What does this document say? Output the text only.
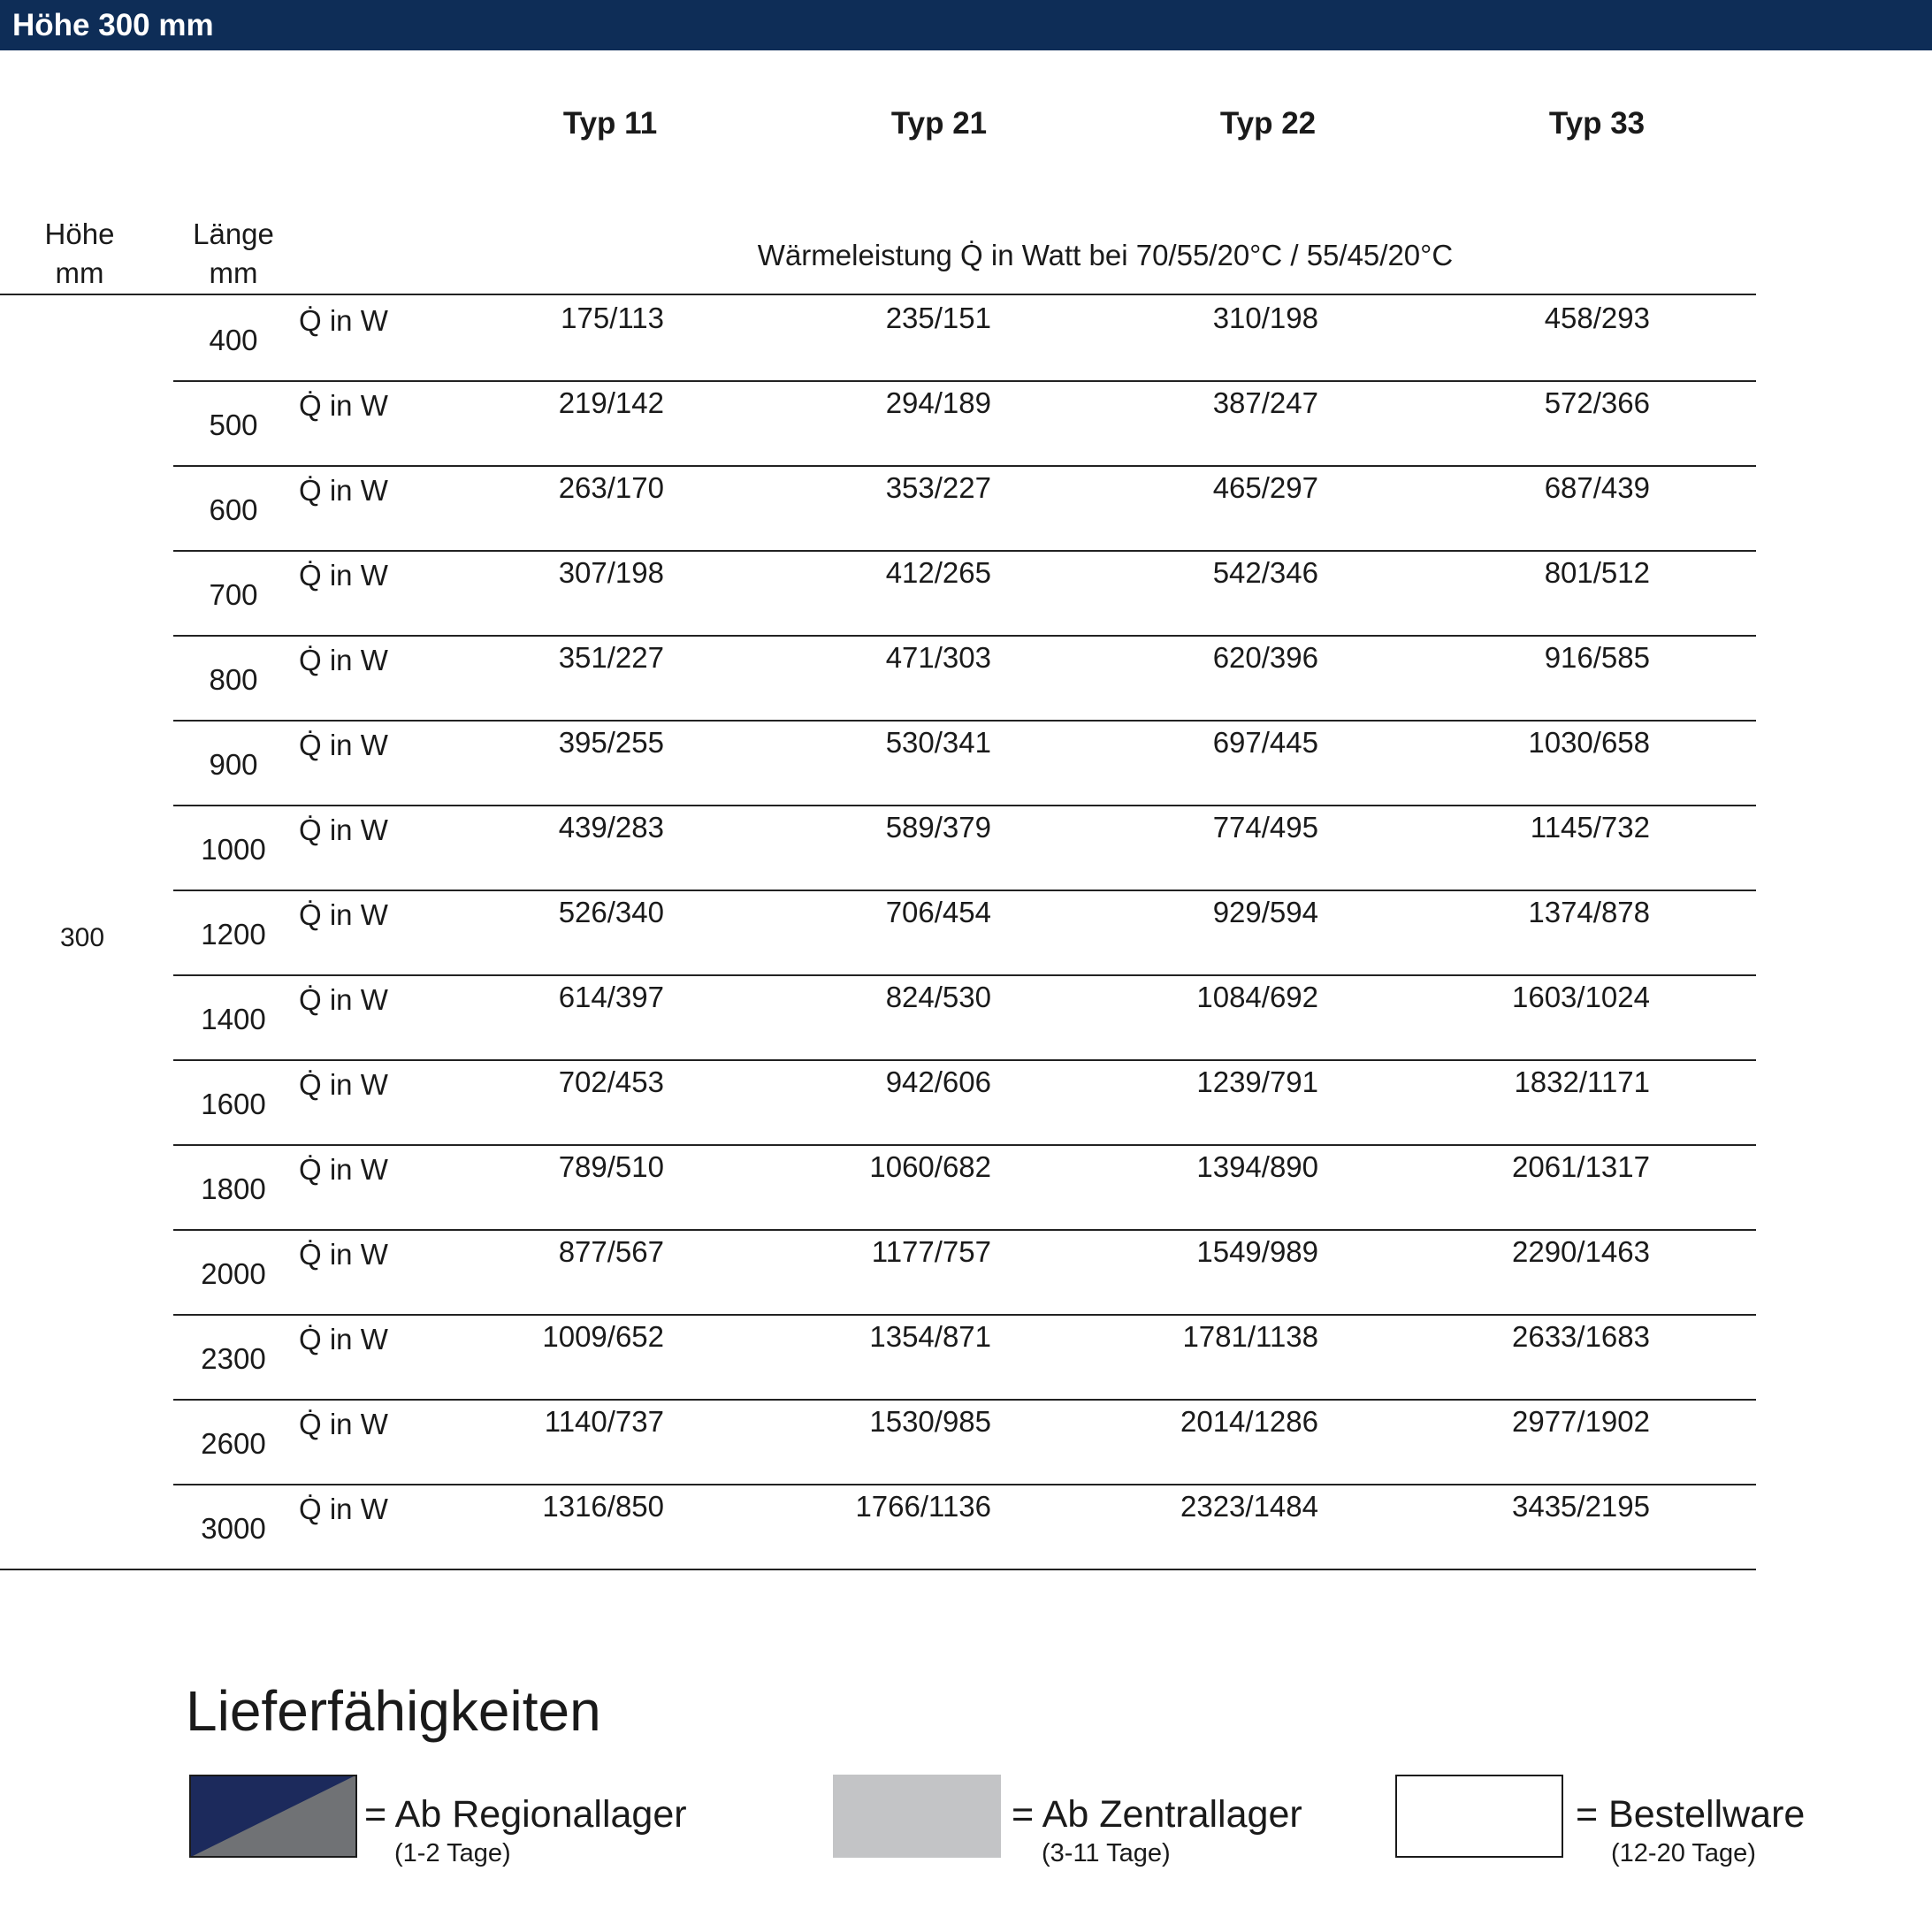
Höhe 300 mm
Typ 11	Typ 21	Typ 22	Typ 33
Höhe
mm
Länge
mm
Wärmeleistung Q̇ in Watt bei 70/55/20°C / 55/45/20°C
300
400
Q̇ in W	175/113	235/151	310/198	458/293
500
Q̇ in W	219/142	294/189	387/247	572/366
600
Q̇ in W	263/170	353/227	465/297	687/439
700
Q̇ in W	307/198	412/265	542/346	801/512
800
Q̇ in W	351/227	471/303	620/396	916/585
900
Q̇ in W	395/255	530/341	697/445	1030/658
1000
Q̇ in W	439/283	589/379	774/495	1145/732
1200
Q̇ in W	526/340	706/454	929/594	1374/878
1400
Q̇ in W	614/397	824/530	1084/692	1603/1024
1600
Q̇ in W	702/453	942/606	1239/791	1832/1171
1800
Q̇ in W	789/510	1060/682	1394/890	2061/1317
2000
Q̇ in W	877/567	1177/757	1549/989	2290/1463
2300
Q̇ in W	1009/652	1354/871	1781/1138	2633/1683
2600
Q̇ in W	1140/737	1530/985	2014/1286	2977/1902
3000
Q̇ in W	1316/850	1766/1136	2323/1484	3435/2195
Lieferfähigkeiten
= Ab Regionallager
(1-2 Tage)
= Ab Zentrallager
(3-11 Tage)
= Bestellware
(12-20 Tage)
